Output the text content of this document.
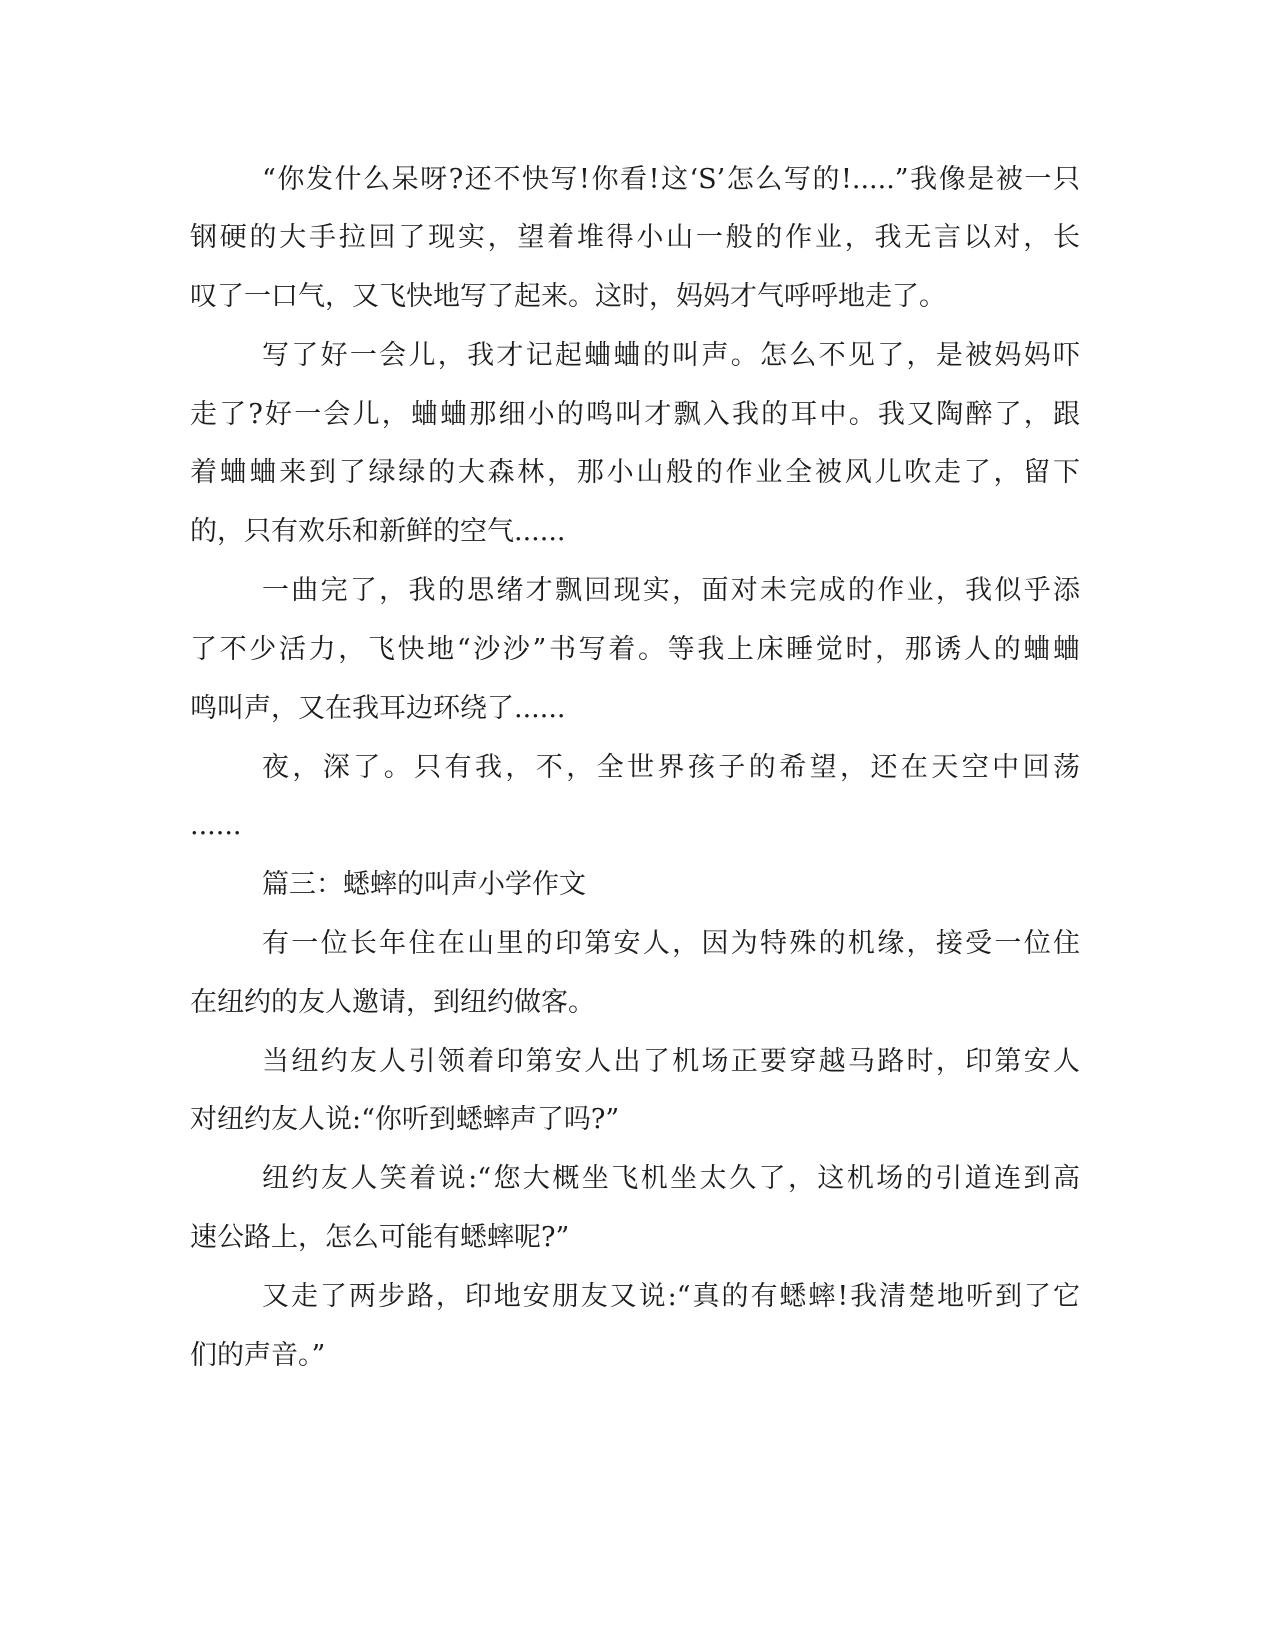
“你发什么呆呀?还不快写!你看!这‘S’怎么写的!.....”我像是被一只
钢硬的大手拉回了现实，望着堆得小山一般的作业，我无言以对，长
叹了一口气，又飞快地写了起来。这时，妈妈才气呼呼地走了。
写了好一会儿，我才记起蛐蛐的叫声。怎么不见了，是被妈妈吓
走了?好一会儿，蛐蛐那细小的鸣叫才飘入我的耳中。我又陶醉了，跟
着蛐蛐来到了绿绿的大森林，那小山般的作业全被风儿吹走了，留下
的，只有欢乐和新鲜的空气......
一曲完了，我的思绪才飘回现实，面对未完成的作业，我似乎添
了不少活力，飞快地“沙沙”书写着。等我上床睡觉时，那诱人的蛐蛐
鸣叫声，又在我耳边环绕了......
夜，深了。只有我，不，全世界孩子的希望，还在天空中回荡
......
篇三：蟋蟀的叫声小学作文
有一位长年住在山里的印第安人，因为特殊的机缘，接受一位住
在纽约的友人邀请，到纽约做客。
当纽约友人引领着印第安人出了机场正要穿越马路时，印第安人
对纽约友人说:“你听到蟋蟀声了吗?”
纽约友人笑着说:“您大概坐飞机坐太久了，这机场的引道连到高
速公路上，怎么可能有蟋蟀呢?”
又走了两步路，印地安朋友又说:“真的有蟋蟀!我清楚地听到了它
们的声音。”
